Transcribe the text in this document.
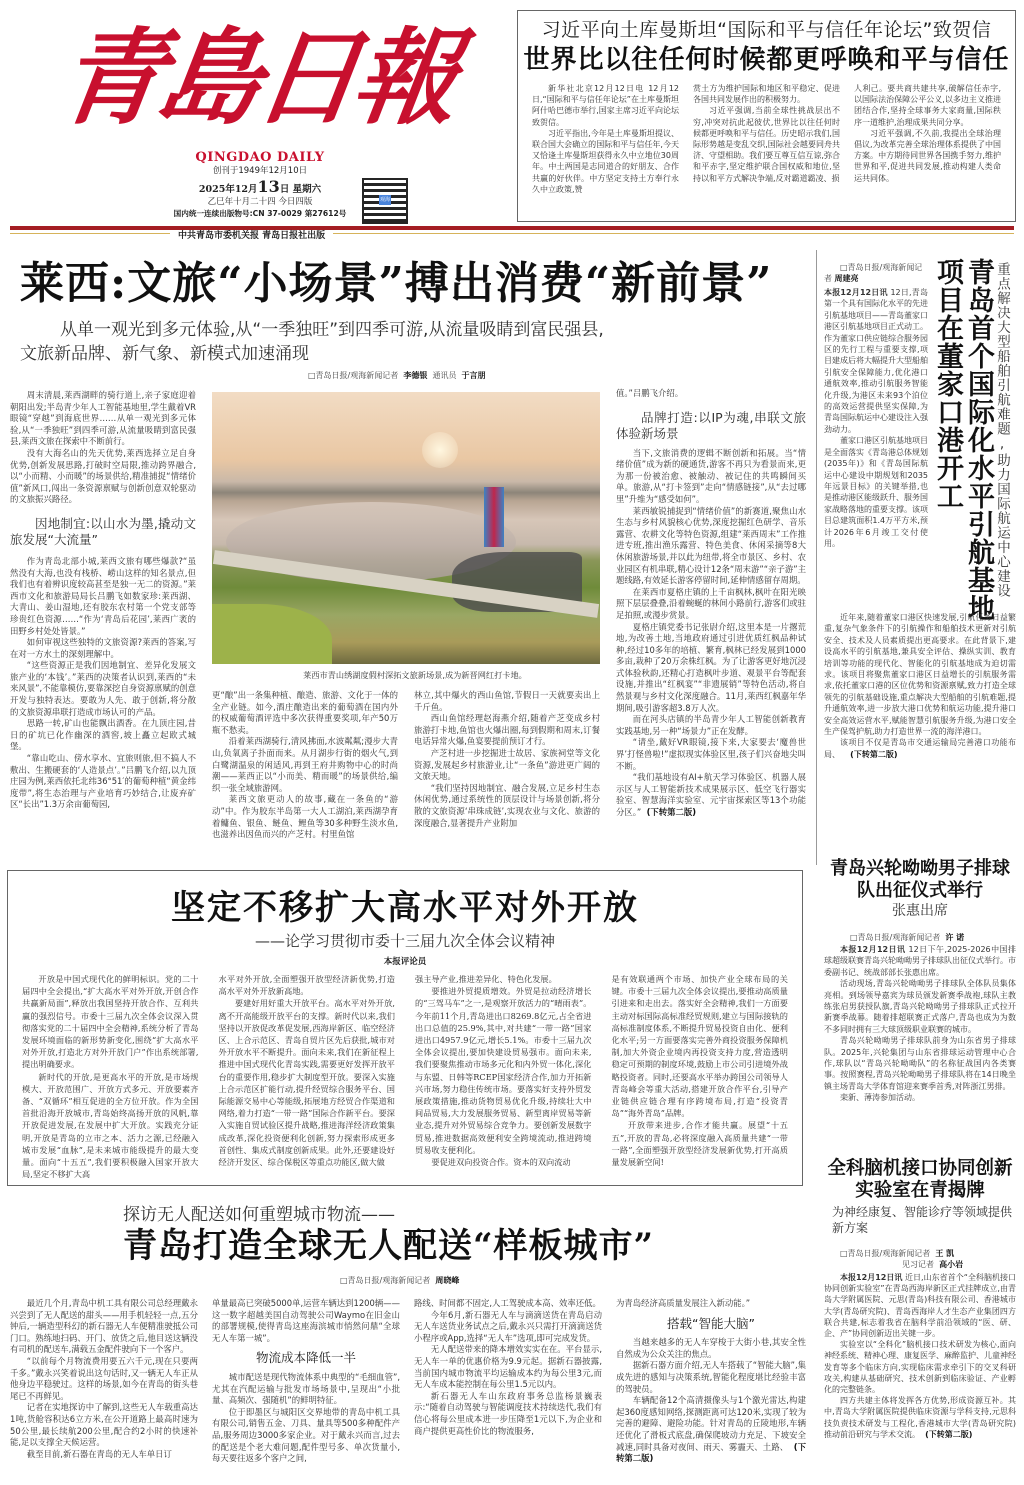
青島日報
QINGDAO DAILY
创刊于1949年12月10日
2025年12月13日 星期六
乙巳年十月二十四 今日四版
国内统一连续出版物号:CN 37-0029 第27612号
观海
中共青岛市委机关报 青岛日报社出版
习近平向土库曼斯坦“国际和平与信任年论坛”致贺信
世界比以往任何时候都更呼唤和平与信任

新华社北京12月12日电 12月12日,“国际和平与信任年论坛”在土库曼斯坦阿什哈巴德市举行,国家主席习近平向论坛致贺信。

习近平指出,今年是土库曼斯坦提议、联合国大会确立的国际和平与信任年,今天又恰逢土库曼斯坦获得永久中立地位30周年。中土两国是志同道合的好朋友、合作共赢的好伙伴。中方坚定支持土方奉行永久中立政策,赞

赏土方为维护国际和地区和平稳定、促进各国共同发展作出的积极努力。

习近平强调,当前全球性挑战层出不穷,冲突对抗此起彼伏,世界比以往任何时候都更呼唤和平与信任。历史昭示我们,国际形势越是变乱交织,国际社会越要同舟共济、守望相助。我们要互尊互信互谅,弥合和平赤字,坚定维护联合国权威和地位,坚持以和平方式解决争端,反对霸道霸凌、损

人利己。要共商共建共享,破解信任赤字,以国际法治保障公平公义,以多边主义推进团结合作,坚持全球事务大家商量,国际秩序一道维护,治理成果共同分享。

习近平强调,不久前,我提出全球治理倡议,为改革完善全球治理体系提供了中国方案。中方期待同世界各国携手努力,维护世界和平,促进共同发展,推动构建人类命运共同体。

莱西:文旅“小场景”搏出消费“新前景”
从单一观光到多元体验,从“一季独旺”到四季可游,从流量吸睛到富民强县,
文旅新品牌、新气象、新模式加速涌现
□青岛日报/观海新闻记者 李德银 通讯员 于言朋

周末清晨,莱西湖畔的骑行道上,亲子家庭迎着朝阳出发;半岛青少年人工智能基地里,学生戴着VR眼镜“穿越”到海底世界……从单一观光到多元体验,从“一季独旺”到四季可游,从流量吸睛到富民强县,莱西文旅在探索中不断前行。

没有大海名山的先天优势,莱西选择立足自身优势,创新发展思路,打破时空局限,推动跨界融合,以“小而精、小而暖”的场景供给,精准捕捉“情绪价值”新风口,闯出一条资源禀赋与创新创意双轮驱动的文旅振兴路径。

因地制宜:以山水为墨,撬动文旅发展“大流量”

作为青岛北部小城,莱西文旅有哪些爆款?“虽然没有大海,也没有栈桥、崂山这样的知名景点,但我们也有着辨识度较高甚至是独一无二的资源。”莱西市文化和旅游局局长吕鹏飞如数家珍:莱西湖、大青山、姜山湿地,还有胶东农村第一个党支部等珍贵红色资源……“作为‘青岛后花园’,莱西广袤的田野乡村处处皆景。”

如何审视这些独特的文旅资源?莱西的答案,写在对一方水土的深刻理解中。

“这些资源正是我们因地制宜、差异化发展文旅产业的‘本钱’。”莱西的决策者认识到,莱西的“未来风景”,不能靠模仿,要靠深挖自身资源禀赋的创意开发与独特表达。要敢为人先、敢于创新,将分散的文旅资源串联打造成市场认可的产品。

思路一转,矿山也能飘出酒香。在九顶庄园,昔日的矿坑已化作幽深的酒窖,坡上矗立起欧式城堡。

“靠山吃山、傍水享水、宜旅则旅,但不搞人不敷出、生搬硬套的‘人造景点’。”吕鹏飞介绍,以九顶庄园为例,莱西依托北纬36°51′的葡萄种植“黄金纬度带”,将生态治理与产业培育巧妙结合,让废弃矿区“长出”1.3万余亩葡萄园,

莱西市青山绣湖度假村深拓文旅新场景,成为新晋网红打卡地。

更“酿”出一条集种植、酿造、旅游、文化于一体的全产业链。如今,酒庄酿造出来的葡萄酒在国内外的权威葡萄酒评选中多次获得重要奖项,年产50万瓶不愁卖。

沿着莱西湖骑行,清风拂面,水波粼粼;漫步大青山,负氧离子扑面而来。从月湖步行街的烟火气,到白鹭湖温泉的闲适风,再到王府井购物中心的时尚潮——莱西正以“小而美、精而暖”的场景供给,编织一张全域旅游网。

莱西文旅更动人的故事,藏在一条鱼的“游动”中。作为胶东半岛第一大人工湖泊,莱西湖孕育着鳙鱼、银鱼、鲢鱼、鲤鱼等30多种野生淡水鱼,也滋养出因鱼而兴的产芝村。村里鱼馆

林立,其中爆火的西山鱼馆,节假日一天就要卖出上千斤鱼。

西山鱼馆经理赵海燕介绍,随着产芝变成乡村旅游打卡地,鱼馆也火爆出圈,每到假期和周末,订餐电话异常火爆,鱼宴要提前预订才行。

产芝村进一步挖掘进士故居、家族祠堂等文化资源,发展起乡村旅游业,让“一条鱼”游进更广阔的文旅天地。

“我们坚持因地制宜、融合发展,立足乡村生态休闲优势,通过系统性的顶层设计与场景创新,将分散的文旅资源‘串珠成链’,实现农业与文化、旅游的深度融合,显著提升产业附加

值。”吕鹏飞介绍。

品牌打造:以IP为魂,串联文旅体验新场景

当下,文旅消费的逻辑不断创新和拓展。当“情绪价值”成为新的硬通货,游客不再只为看景而来,更为那一份被治愈、被触动、被记住的共鸣瞬间买单。旅游,从“打卡签到”走向“情感链接”,从“去过哪里”升维为“感受如何”。

莱西敏锐捕捉到“情绪价值”的新赛道,聚焦山水生态与乡村风貌核心优势,深度挖掘红色研学、音乐露营、农耕文化等特色资源,组建“莱西周末”工作推进专班,推出渔乐露营、特色美食、休闲采摘等8大休闲旅游场景,并以此为纽带,将全市景区、乡村、农业园区有机串联,精心设计12条“周末游”“亲子游”主题线路,有效延长游客停留时间,延伸情感留存周期。

在莱西市夏格庄镇的上千亩枫林,枫叶在阳光映照下层层叠叠,沿着蜿蜒的林间小路前行,游客们或驻足拍照,或漫步赏景。

夏格庄镇党委书记张尉介绍,这里本是一片撂荒地,为改善土地,当地政府通过引进优质红枫品种试种,经过10多年的培植、繁育,枫林已经发展到1000多亩,栽种了20万余株红枫。为了让游客更好地沉浸式体验秋韵,还精心打造枫叶步道、观景平台等配套设施,并推出“红枫宴”“非遗展销”等特色活动,将自然景观与乡村文化深度融合。11月,莱西红枫嘉年华期间,吸引游客超3.8万人次。

而在河头店镇的半岛青少年人工智能创新教育实践基地,另一种“场景力”正在发酵。

“请坐,戴好VR眼镜,接下来,大家要去‘魔兽世界’打怪兽啦!”虚拟现实体验区里,孩子们兴奋地尖叫不断。

“我们基地设有AI+航天学习体验区、机器人展示区与人工智能新技术成果展示区、低空飞行器实验室、智慧海洋实验室、元宇宙探索区等13个功能分区。” (下转第二版)

□青岛日报/观海新闻记者 周建亮	青岛首个国际化水平引航基地项目在董家口港开工	重点解决大型船舶引航难题,助力国际航运中心建设

本报12月12日讯 12日,青岛第一个具有国际化水平的先进引航基地项目——青岛董家口港区引航基地项目正式动工。作为董家口供应链综合服务园区的先行工程与重要支撑,项目建成后将大幅提升大型船舶引航安全保障能力,优化港口通航效率,推动引航服务智能化升级,为港区未来93个泊位的高效运营提供坚实保障,为青岛国际航运中心建设注入强劲动力。

董家口港区引航基地项目是全面落实《青岛港总体规划(2035年)》和《青岛国际航运中心建设中期规划和2035年远景目标》的关键举措,也是推动港区能级跃升、服务国家战略落地的重要支撑。该项目总建筑面积1.4万平方米,预计2026年6月竣工交付使用。

近年来,随着董家口港区快速发展,引航任务日益繁重,复杂气象条件下的引航操作和船舶技术更新对引航安全、技术及人员素质提出更高要求。在此背景下,建设高水平的引航基地,兼具安全评估、操纵实训、教育培训等功能的现代化、智能化的引航基地成为迫切需求。该项目将聚焦董家口港区日益增长的引航服务需求,依托董家口港的区位优势和资源禀赋,致力打造全球领先的引航基础设施,重点解决大型船舶的引航难题,提升通航效率,进一步放大港口优势和航运功能,提升港口安全高效运营水平,赋能智慧引航服务升级,为港口安全生产保驾护航,助力打造世界一流的海洋港口。

该项目不仅是青岛市交通运输局完善港口功能布局、 (下转第二版)

青岛兴轮呦呦男子排球队出征仪式举行
张惠出席
□青岛日报/观海新闻记者 许 诺

本报12月12日讯 12日下午,2025-2026中国排球超级联赛青岛兴轮呦呦男子排球队出征仪式举行。市委副书记、统战部部长张惠出席。

活动现场,青岛兴轮呦呦男子排球队全体队员集体亮相。到场领导嘉宾为球员颁发新赛季战袍,球队主教练张启男获授队旗,青岛兴轮呦呦男子排球队正式拉开新赛季战幕。随着排超联赛正式落户,青岛也成为为数不多同时拥有三大球顶级职业联赛的城市。

青岛兴轮呦呦男子排球队前身为山东省男子排球队。2025年,兴轮集团与山东省排球运动管理中心合作,球队以“青岛兴轮呦呦队”的名称征战国内各类赛事。按照赛程,青岛兴轮呦呦男子排球队将在14日晚坐镇主场青岛大学体育馆迎来赛季首秀,对阵浙江男排。

栾新、薄涛参加活动。

全科脑机接口协同创新实验室在青揭牌
为神经康复、智能诊疗等领域提供新方案
□青岛日报/观海新闻记者 王 凯
见习记者 高小岩

本报12月12日讯 近日,山东省首个“全科脑机接口协同创新实验室”在青岛西海岸新区正式挂牌成立,由青岛大学附属医院、元思(青岛)科技有限公司、香港城市大学(青岛研究院)、青岛西海岸人才生态产业集团四方联合共建,标志着我省在脑科学前沿领域的“医、研、企、产”协同创新迈出关键一步。

实验室以“全科化”脑机接口技术研发为核心,面向神经系统、精神心理、康复医学、麻醉监护、儿童神经发育等多个临床方向,实现临床需求牵引下的交叉科研攻关,构建从基础研究、技术创新到临床验证、产业孵化的完整链条。

四方共建主体将发挥各方优势,形成资源互补。其中,青岛大学附属医院提供临床资源与学科支持,元思科技负责技术研发与工程化,香港城市大学(青岛研究院)推动前沿研究与学术交流。 (下转第二版)

坚定不移扩大高水平对外开放
——论学习贯彻市委十三届九次全体会议精神
本报评论员

开放是中国式现代化的鲜明标识。党的二十届四中全会提出,“扩大高水平对外开放,开创合作共赢新局面”,释放出我国坚持开放合作、互利共赢的强烈信号。市委十三届九次全体会议深入贯彻落实党的二十届四中全会精神,系统分析了青岛发展环境面临的新形势新变化,围绕“扩大高水平对外开放,打造北方对外开放门户”作出系统部署,提出明确要求。

新时代的开放,是更高水平的开放,是市场规模大、开放范围广、开放方式多元、开放要素齐备、“双循环”相互促进的全方位开放。作为全国首批沿海开放城市,青岛始终高扬开放的风帆,靠开放促进发展,在发展中扩大开放。实践充分证明,开放是青岛的立市之本、活力之源,已经融入城市发展“血脉”,是未来城市能级提升的最大变量。面向“十五五”,我们要积极融入国家开放大局,坚定不移扩大高

水平对外开放,全面塑强开放型经济新优势,打造高水平对外开放新高地。

要建好用好重大开放平台。高水平对外开放,离不开高能级开放平台的支撑。新时代以来,我们坚持以开放促改革促发展,西海岸新区、临空经济区、上合示范区、青岛自贸片区先后获批,城市对外开放水平不断提升。面向未来,我们在新征程上推进中国式现代化青岛实践,需要更好发挥开放平台的重要作用,稳步扩大制度型开放。要深入实施上合示范区扩能行动,提升经贸综合服务平台、国际能源交易中心等能级,拓展地方经贸合作渠道和网络,着力打造“一带一路”国际合作新平台。要深入实施自贸试验区提升战略,推进海洋经济政策集成改革,深化投资便利化创新,努力探索形成更多首创性、集成式制度创新成果。此外,还要建设好经济开发区、综合保税区等重点功能区,做大做

强主导产业,推进差异化、特色化发展。

要推进外贸提质增效。外贸是拉动经济增长的“三驾马车”之一,是观察开放活力的“晴雨表”。今年前11个月,青岛进出口8269.8亿元,占全省进出口总值的25.9%,其中,对共建“一带一路”国家进出口4957.9亿元,增长5.1%。市委十三届九次全体会议提出,要加快建设贸易强市。面向未来,我们要聚焦推动市场多元化和内外贸一体化,深化与东盟、日韩等RCEP国家经济合作,加力开拓新兴市场,努力稳住传统市场。要落实好支持外贸发展政策措施,推动货物贸易优化升级,持续壮大中间品贸易,大力发展服务贸易、新型离岸贸易等新业态,提升对外贸易综合竞争力。要创新发展数字贸易,推进数据高效便利安全跨境流动,推进跨境贸易收支便利化。

要促进双向投资合作。资本的双向流动

是有效联通两个市场、加快产业全球布局的关键。市委十三届九次全体会议提出,要推动高质量引进来和走出去。落实好全会精神,我们一方面要主动对标国际高标准经贸规则,建立与国际接轨的高标准制度体系,不断提升贸易投资自由化、便利化水平;另一方面要落实完善外商投资服务保障机制,加大外资企业境内再投资支持力度,营造透明稳定可预期的制度环境,鼓励上市公司引进境外战略投资者。同时,还要高水平举办跨国公司领导人青岛峰会等重大活动,搭建开放合作平台,引导产业链供应链合理有序跨境布局,打造“投资青岛”“海外青岛”品牌。

开放带来进步,合作才能共赢。展望“十五五”,开放的青岛,必将深度融入高质量共建“一带一路”,全面塑强开放型经济发展新优势,打开高质量发展新空间!

探访无人配送如何重塑城市物流——
青岛打造全球无人配送“样板城市”
□青岛日报/观海新闻记者 周晓峰

最近几个月,青岛中机工具有限公司总经理戴永兴尝到了无人配送的甜头——用手机轻轻一点,五分钟后,一辆造型科幻的新石器无人车便精准驶抵公司门口。熟练地扫码、开门、放货之后,他目送这辆没有司机的配送车,满载五金配件驶向下一个客户。

“以前每个月物流费用要五六千元,现在只要两千多。”戴永兴笑着说出这句话时,又一辆无人车正从他身边平稳驶过。这样的场景,如今在青岛的街头巷尾已不再鲜见。

记者在实地探访中了解到,这些无人车载重高达1吨,货舱容积达6立方米,在公开道路上最高时速为50公里,最长续航200公里,配合约2小时的快速补能,足以支撑全天候运营。

截至目前,新石器在青岛的无人车单日订

单量最高已突破5000单,运营车辆达到1200辆——这一数字超越美国自动驾驶公司Waymo在旧金山的部署规模,使得青岛这座海滨城市悄然问鼎“全球无人车第一城”。

物流成本降低一半

城市配送是现代物流体系中典型的“毛细血管”,尤其在汽配运输与批发市场场景中,呈现出“小批量、高频次、强随机”的鲜明特征。

位于即墨区与城阳区交界地带的青岛中机工具有限公司,销售五金、刀具、量具等500多种配件产品,服务周边3000多家企业。对于戴永兴而言,过去的配送是个老大难问题,配件型号多、单次货量小,每天要往返多个客户之间,

路线、时间都不固定,人工驾驶成本高、效率还低。

今年6月,新石器无人车与滴滴送货在青岛启动无人车送货业务试点之后,戴永兴只需打开滴滴送货小程序或App,选择“无人车”选项,即可完成发货。

无人配送带来的降本增效实实在在。平台显示,无人车一单的优惠价格为9.9元起。据新石器披露,当前国内城市物流平均运输成本约为每公里3元,而无人车成本能控制在每公里1.5元以内。

新石器无人车山东政府事务总监杨景巍表示:“随着自动驾驶与智能调度技术持续迭代,我们有信心将每公里成本进一步压降至1元以下,为企业和商户提供更高性价比的物流服务,

为青岛经济高质量发展注入新动能。”

搭载“智能大脑”

当越来越多的无人车穿梭于大街小巷,其安全性自然成为公众关注的焦点。

据新石器方面介绍,无人车搭载了“智能大脑”,集成先进的感知与决策系统,智能化程度堪比经验丰富的驾驶员。

车辆配备12个高清摄像头与1个激光雷达,构建起360度感知网络,探测距离可达120米,实现了较为完善的避障、避险功能。针对青岛的丘陵地形,车辆还优化了滑板式底盘,确保爬坡动力充足、下坡安全减速,同时具备对夜间、雨天、雾霾天、土路、 (下转第二版)
